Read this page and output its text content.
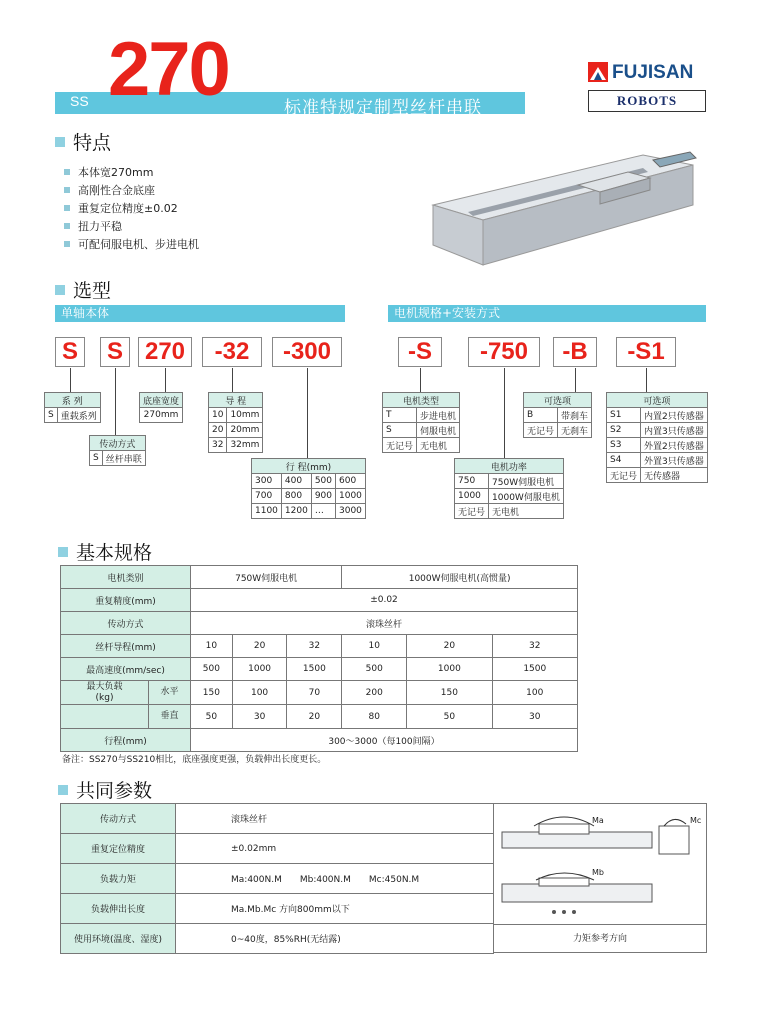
SS 270	标准特规定制型丝杆串联
FUJISAN
ROBOTS
特点
本体宽270mm
高刚性合金底座
重复定位精度±0.02
扭力平稳
可配伺服电机、步进电机
选型
单轴本体	电机规格+安装方式
S S 270	-32	-300	-S	-750	-B	-S1
系 列
S	重载系列
传动方式
S	丝杆串联
底座宽度
270mm
导 程	
10	10mm
20	20mm
32	32mm
行 程(mm)			
300	400	500	600
700	800	900	1000
1100	1200	…	3000
电机类型	
T	步进电机
S	伺服电机
无记号	无电机
电机功率	
750	750W伺服电机
1000	1000W伺服电机
无记号	无电机
可选项	
B	带刹车
无记号	无刹车
可选项	
S1	内置2只传感器
S2	内置3只传感器
S3	外置2只传感器
S4	外置3只传感器
无记号	无传感器
基本规格
电机类别	750W伺服电机			1000W伺服电机(高惯量)		
重复精度(mm)	±0.02					
传动方式	滚珠丝杆					
丝杆导程(mm)	10	20	32	10	20	32
最高速度(mm/sec)	500	1000	1500	500	1000	1500

最大负载
(kg)
水平	150	100	70	200	150	100

垂直	50	30	20	80	50	30
行程(mm)	300～3000（每100间隔）					
备注：SS270与SS210相比，底座强度更强，负载伸出长度更长。
共同参数
传动方式	滚珠丝杆
重复定位精度	±0.02mm
负载力矩	Ma:400N.M　　Mb:400N.M　　Mc:450N.M
负载伸出长度	Ma.Mb.Mc 方向800mm以下
使用环境(温度、湿度)	0~40度，85%RH(无结露)
Ma	Mc
Mb
力矩参考方向
